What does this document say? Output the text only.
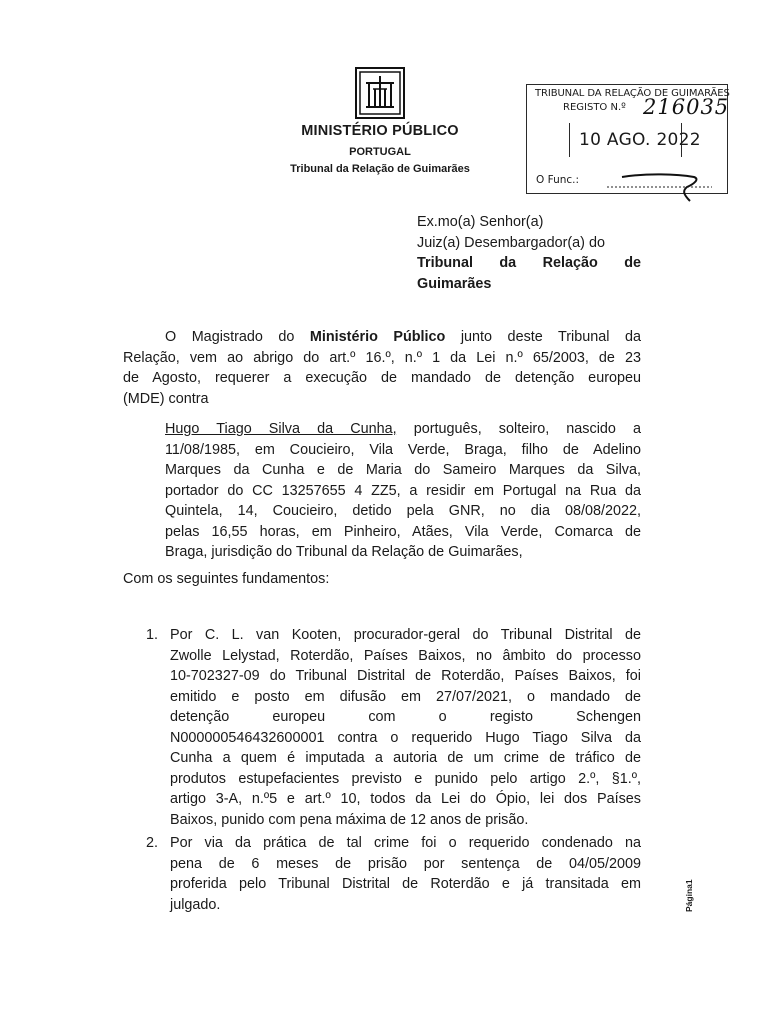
MINISTÉRIO PÚBLICO
PORTUGAL
Tribunal da Relação de Guimarães
TRIBUNAL DA RELAÇÃO DE GUIMARÃES
REGISTO N.º 216035
10 AGO. 2022
O Func.:
Ex.mo(a) Senhor(a)
Juiz(a) Desembargador(a) do
Tribunal da Relação de
Guimarães
O Magistrado do Ministério Público junto deste Tribunal da
Relação, vem ao abrigo do art.º 16.º, n.º 1 da Lei n.º 65/2003, de 23
de Agosto, requerer a execução de mandado de detenção europeu
(MDE) contra
Hugo Tiago Silva da Cunha, português, solteiro, nascido a
11/08/1985, em Coucieiro, Vila Verde, Braga, filho de Adelino
Marques da Cunha e de Maria do Sameiro Marques da Silva,
portador do CC 13257655 4 ZZ5, a residir em Portugal na Rua da
Quintela, 14, Coucieiro, detido pela GNR, no dia 08/08/2022,
pelas 16,55 horas, em Pinheiro, Atães, Vila Verde, Comarca de
Braga, jurisdição do Tribunal da Relação de Guimarães,
Com os seguintes fundamentos:
1. Por C. L. van Kooten, procurador-geral do Tribunal Distrital de
Zwolle Lelystad, Roterdão, Países Baixos, no âmbito do processo
10-702327-09 do Tribunal Distrital de Roterdão, Países Baixos, foi
emitido e posto em difusão em 27/07/2021, o mandado de
detenção europeu com o registo Schengen
N000000546432600001 contra o requerido Hugo Tiago Silva da
Cunha a quem é imputada a autoria de um crime de tráfico de
produtos estupefacientes previsto e punido pelo artigo 2.º, §1.º,
artigo 3-A, n.º5 e art.º 10, todos da Lei do Ópio, lei dos Países
Baixos, punido com pena máxima de 12 anos de prisão.
2. Por via da prática de tal crime foi o requerido condenado na
pena de 6 meses de prisão por sentença de 04/05/2009
proferida pelo Tribunal Distrital de Roterdão e já transitada em
julgado.	Página1
